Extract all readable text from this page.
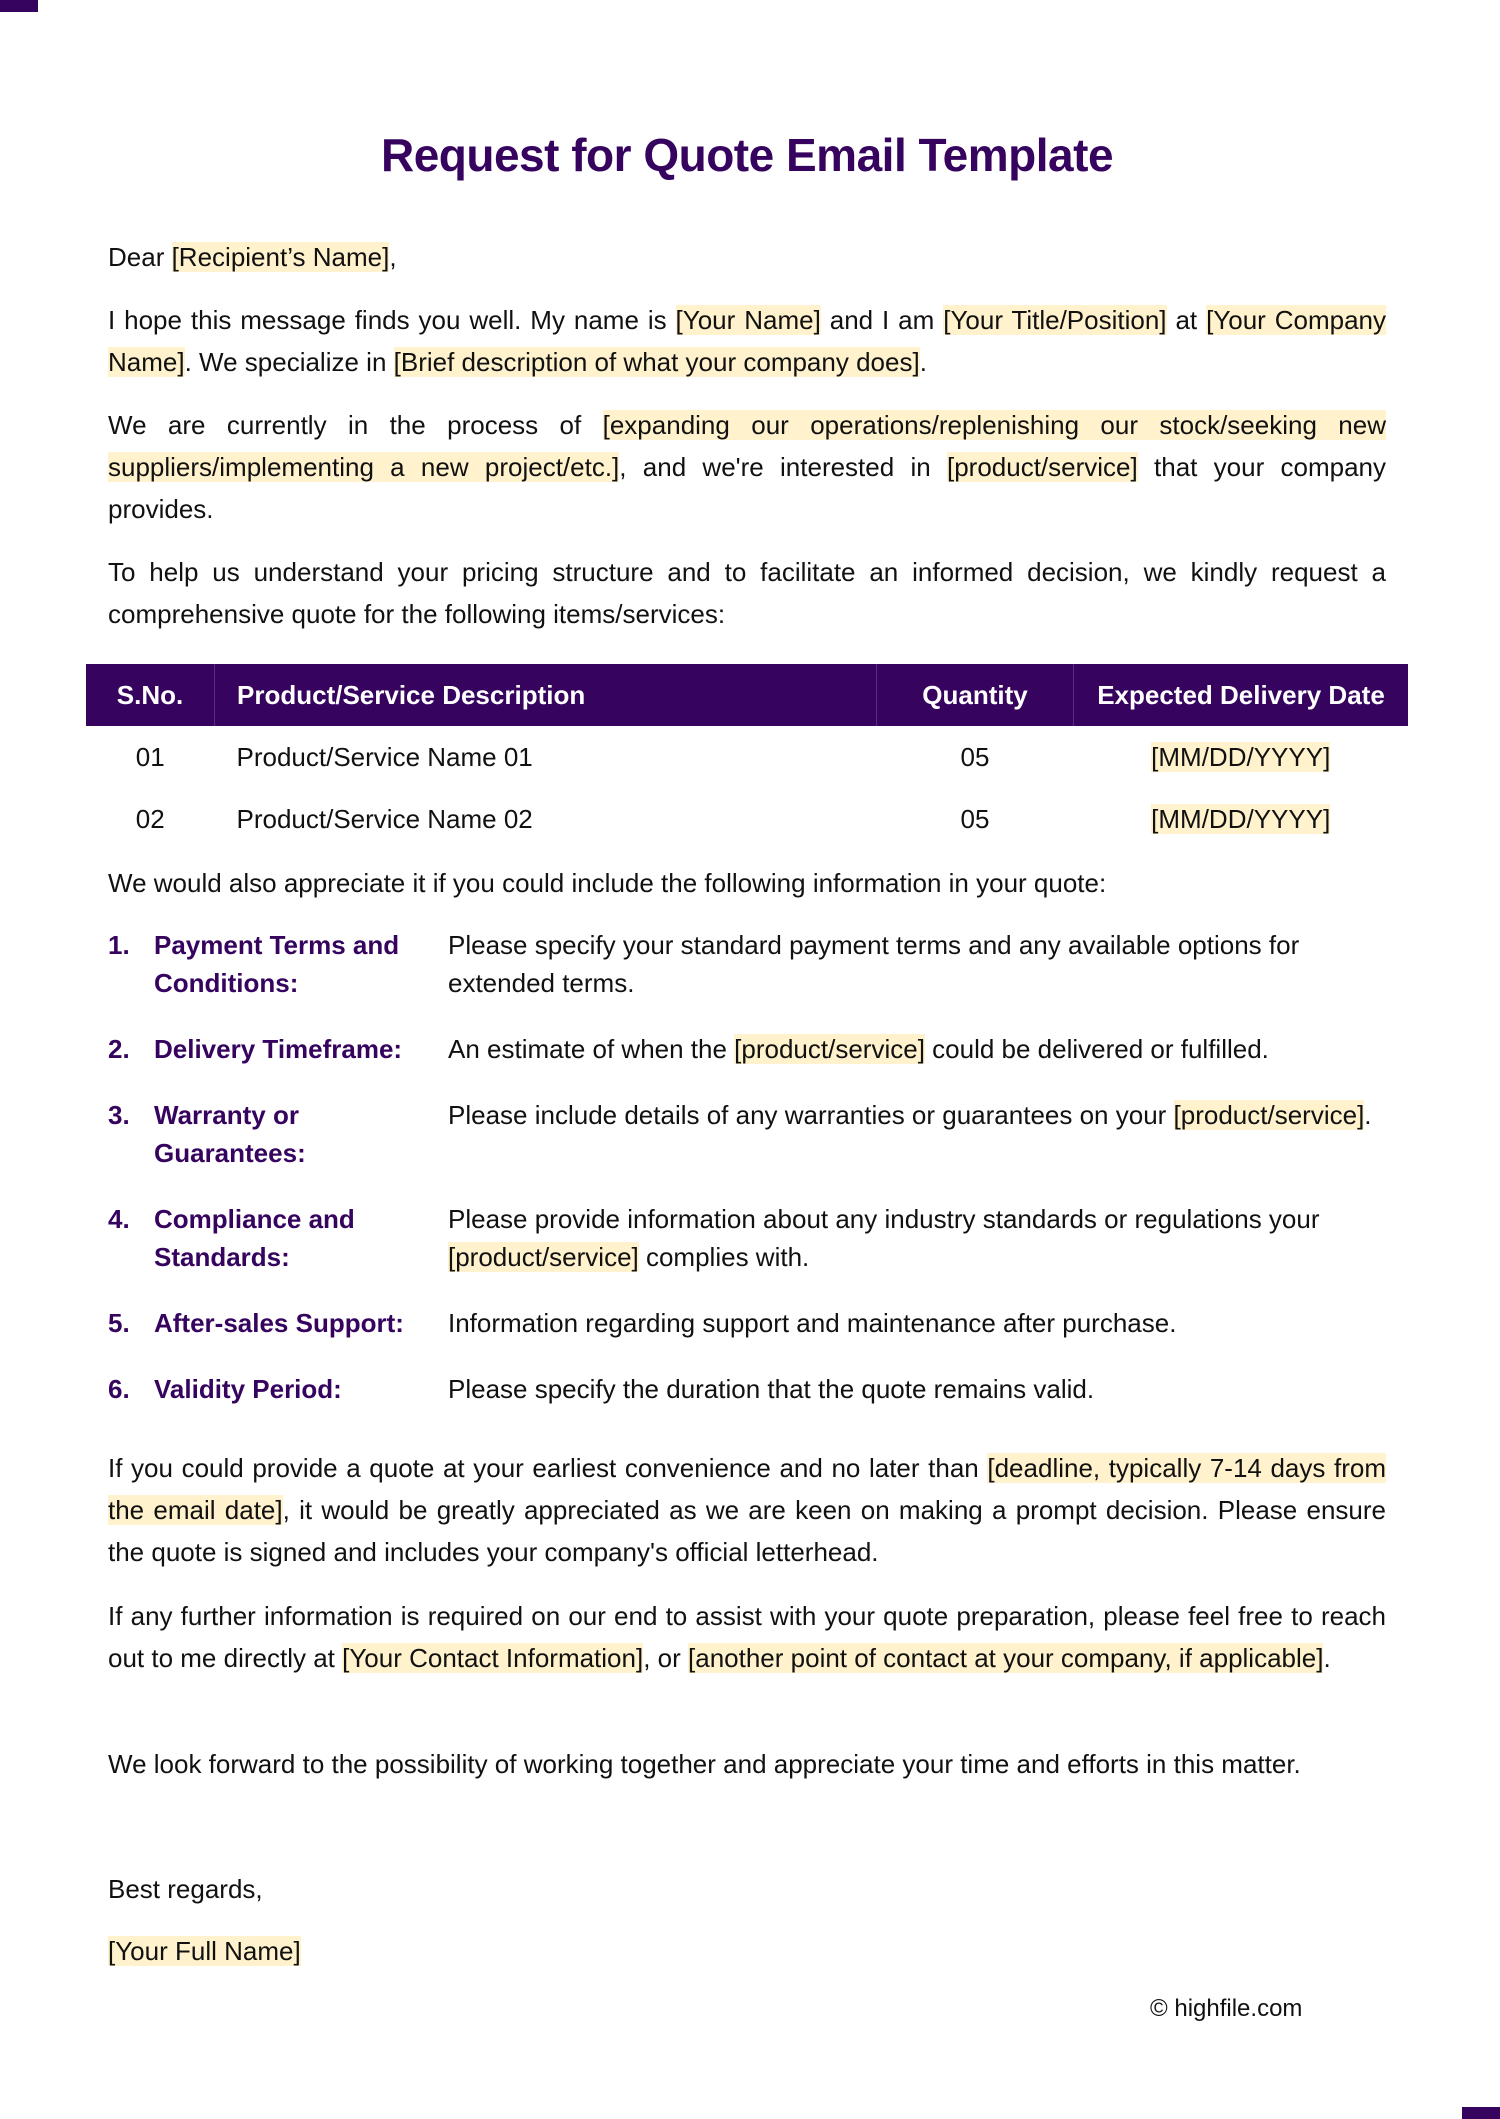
Request for Quote Email Template

Dear [Recipient’s Name],

I hope this message finds you well. My name is [Your Name] and I am [Your Title/Position] at [Your Company Name]. We specialize in [Brief description of what your company does].

We are currently in the process of [expanding our operations/replenishing our stock/seeking new suppliers/implementing a new project/etc.], and we're interested in [product/service] that your company provides.

To help us understand your pricing structure and to facilitate an informed decision, we kindly request a comprehensive quote for the following items/services:

S.No.	Product/Service Description	Quantity	Expected Delivery Date
01	Product/Service Name 01	05	[MM/DD/YYYY]
02	Product/Service Name 02	05	[MM/DD/YYYY]

We would also appreciate it if you could include the following information in your quote:

1. Payment Terms and Conditions:
Please specify your standard payment terms and any available options for extended terms.
2. Delivery Timeframe:	An estimate of when the [product/service] could be delivered or fulfilled.
3. Warranty or Guarantees:
Please include details of any warranties or guarantees on your [product/service].
4. Compliance and Standards:
Please provide information about any industry standards or regulations your [product/service] complies with.
5. After-sales Support:	Information regarding support and maintenance after purchase.
6. Validity Period:	Please specify the duration that the quote remains valid.

If you could provide a quote at your earliest convenience and no later than [deadline, typically 7-14 days from the email date], it would be greatly appreciated as we are keen on making a prompt decision. Please ensure the quote is signed and includes your company's official letterhead.

If any further information is required on our end to assist with your quote preparation, please feel free to reach out to me directly at [Your Contact Information], or [another point of contact at your company, if applicable].

We look forward to the possibility of working together and appreciate your time and efforts in this matter.

Best regards,

[Your Full Name]

© highfile.com
